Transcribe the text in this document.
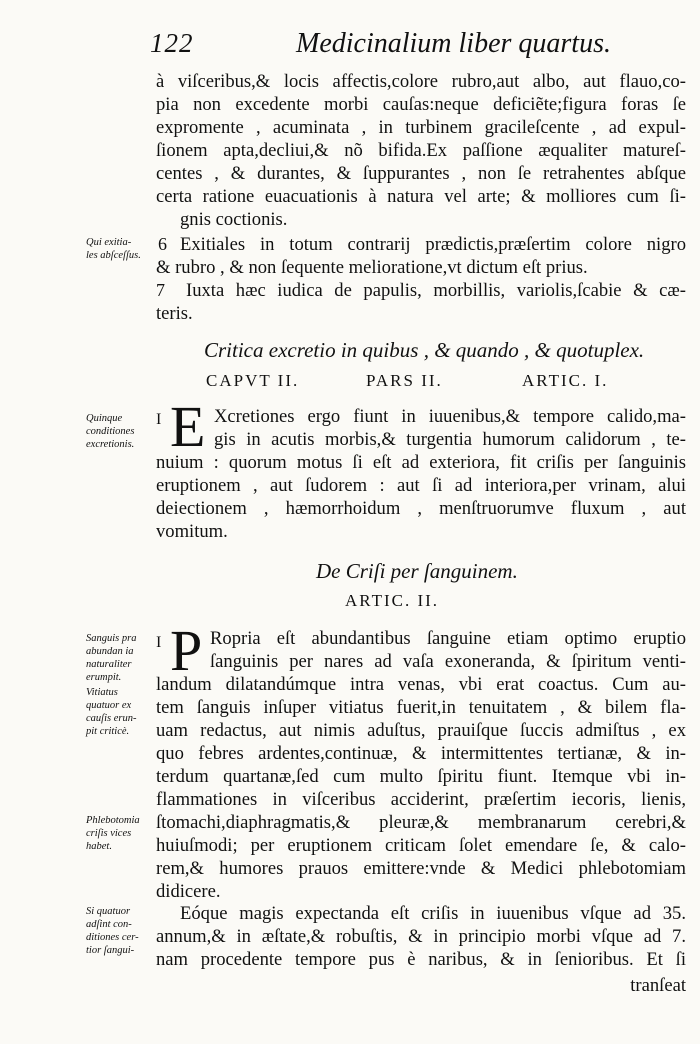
122	Medicinalium liber quartus.
à viſceribus,& locis affectis,colore rubro,aut albo, aut flauo,co-
pia non excedente morbi cauſas:neque deficiẽte;figura foras ſe
expromente , acuminata , in turbinem gracileſcente , ad expul-
ſionem apta,decliui,& nõ bifida.Ex paſſione æqualiter matureſ-
centes , & durantes, & ſuppurantes , non ſe retrahentes abſque
certa ratione euacuationis à natura vel arte; & molliores cum ſi-
gnis coctionis.
6 Exitiales in totum contrarij prædictis,præſertim colore nigro
& rubro , & non ſequente melioratione,vt dictum eſt prius.
7 Iuxta hæc iudica de papulis, morbillis, variolis,ſcabie & cæ-
teris.
Critica excretio in quibus , & quando , & quotuplex.
CAPVT II.	PARS II.	ARTIC. I.
I E Xcretiones ergo fiunt in iuuenibus,& tempore calido,ma-
gis in acutis morbis,& turgentia humorum calidorum , te-
nuium : quorum motus ſi eſt ad exteriora, fit criſis per ſanguinis
eruptionem , aut ſudorem : aut ſi ad interiora,per vrinam, alui
deiectionem , hæmorrhoidum , menſtruorumve fluxum , aut
vomitum.
De Criſi per ſanguinem.
ARTIC. II.
I P Ropria eſt abundantibus ſanguine etiam optimo eruptio
ſanguinis per nares ad vaſa exoneranda, & ſpiritum venti-
landum dilatandúmque intra venas, vbi erat coactus. Cum au-
tem ſanguis inſuper vitiatus fuerit,in tenuitatem , & bilem fla-
uam redactus, aut nimis aduſtus, prauiſque ſuccis admiſtus , ex
quo febres ardentes,continuæ, & intermittentes tertianæ, & in-
terdum quartanæ,ſed cum multo ſpiritu fiunt. Itemque vbi in-
flammationes in viſceribus acciderint, præſertim iecoris, lienis,
ſtomachi,diaphragmatis,& pleuræ,& membranarum cerebri,&
huiuſmodi; per eruptionem criticam ſolet emendare ſe, & calo-
rem,& humores prauos emittere:vnde & Medici phlebotomiam
didicere.
Eóque magis expectanda eſt criſis in iuuenibus vſque ad 35.
annum,& in æſtate,& robuſtis, & in principio morbi vſque ad 7.
nam procedente tempore pus è naribus, & in ſenioribus. Et ſi
tranſeat
Qui exitia-
les abſceſſus.
Quinque
conditiones
excretionis.
Sanguis pra
abundan ia
naturaliter
erumpit.
Vitiatus
quatuor ex
cauſis erun-
pit criticè.
Phlebotomia
criſis vices
habet.
Si quatuor
adſint con-
ditiones cer-
tior ſangui-
